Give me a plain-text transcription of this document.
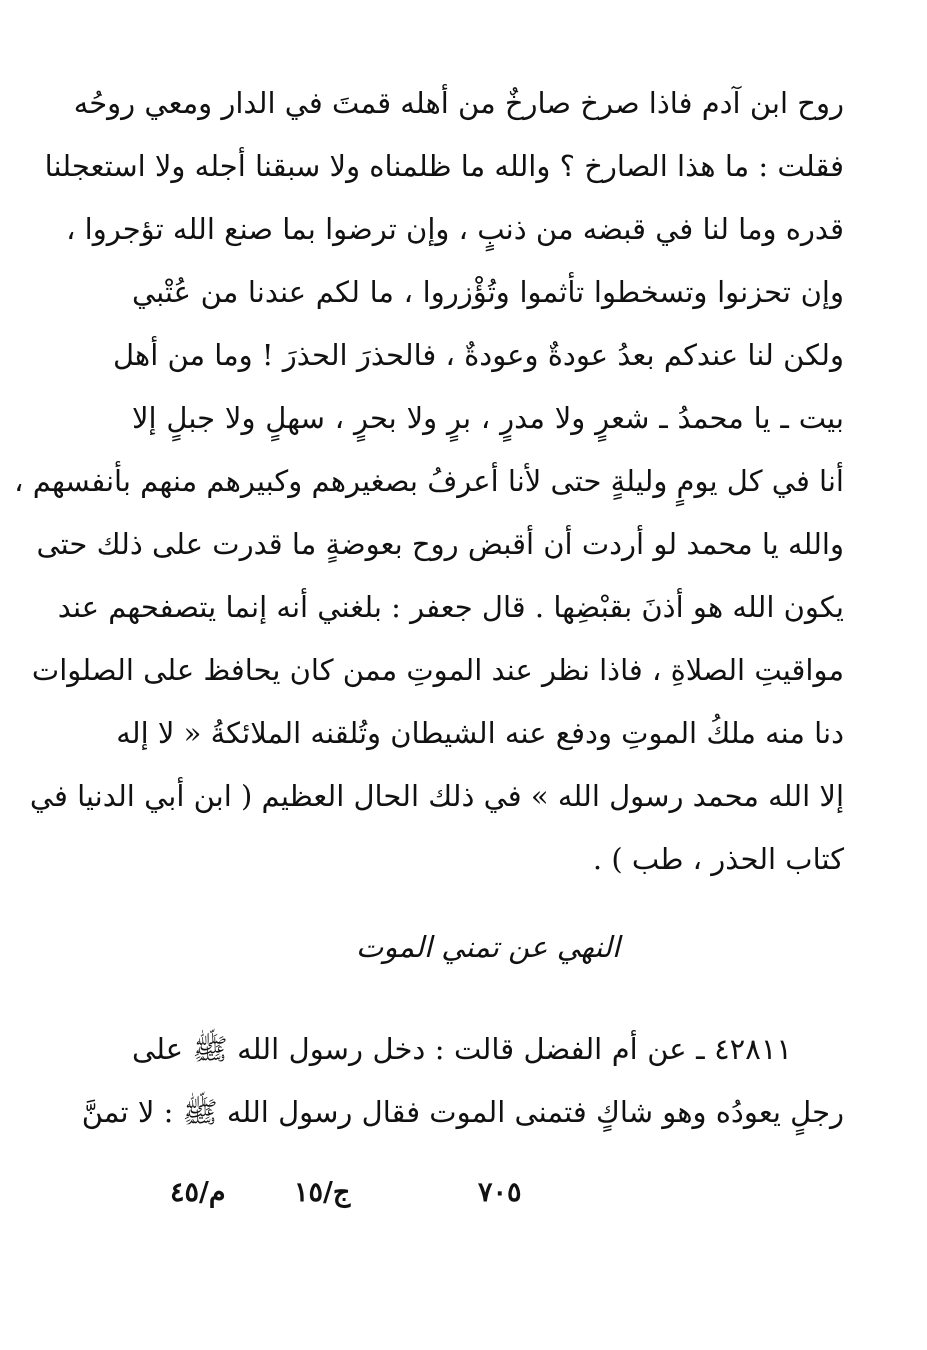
روح ابن آدم فاذا صرخ صارخٌ من أهله قمتَ في الدار ومعي روحُه
فقلت : ما هذا الصارخ ؟ والله ما ظلمناه ولا سبقنا أجله ولا استعجلنا
قدره وما لنا في قبضه من ذنبٍ ، وإن ترضوا بما صنع الله تؤجروا ،
وإن تحزنوا وتسخطوا تأثموا وتُؤْزروا ، ما لكم عندنا من عُتْبي
ولكن لنا عندكم بعدُ عودةٌ وعودةٌ ، فالحذرَ الحذرَ ! وما من أهل
بيت ـ يا محمدُ ـ شعرٍ ولا مدرٍ ، برٍ ولا بحرٍ ، سهلٍ ولا جبلٍ إلا
أنا في كل يومٍ وليلةٍ حتى لأنا أعرفُ بصغيرهم وكبيرهم منهم بأنفسهم ،
والله يا محمد لو أردت أن أقبض روح بعوضةٍ ما قدرت على ذلك حتى
يكون الله هو أذنَ بقبْضِها . قال جعفر : بلغني أنه إنما يتصفحهم عند
مواقيتِ الصلاةِ ، فاذا نظر عند الموتِ ممن كان يحافظ على الصلوات
دنا منه ملكُ الموتِ ودفع عنه الشيطان وتُلقنه الملائكةُ « لا إله
إلا الله محمد رسول الله » في ذلك الحال العظيم ( ابن أبي الدنيا في
كتاب الحذر ، طب ) .
النهي عن تمني الموت
٤٢٨١١ ـ عن أم الفضل قالت : دخل رسول الله ﷺ على
رجلٍ يعودُه وهو شاكٍ فتمنى الموت فقال رسول الله ﷺ : لا تمنَّ
٧٠٥
ج/١٥
م/٤٥
